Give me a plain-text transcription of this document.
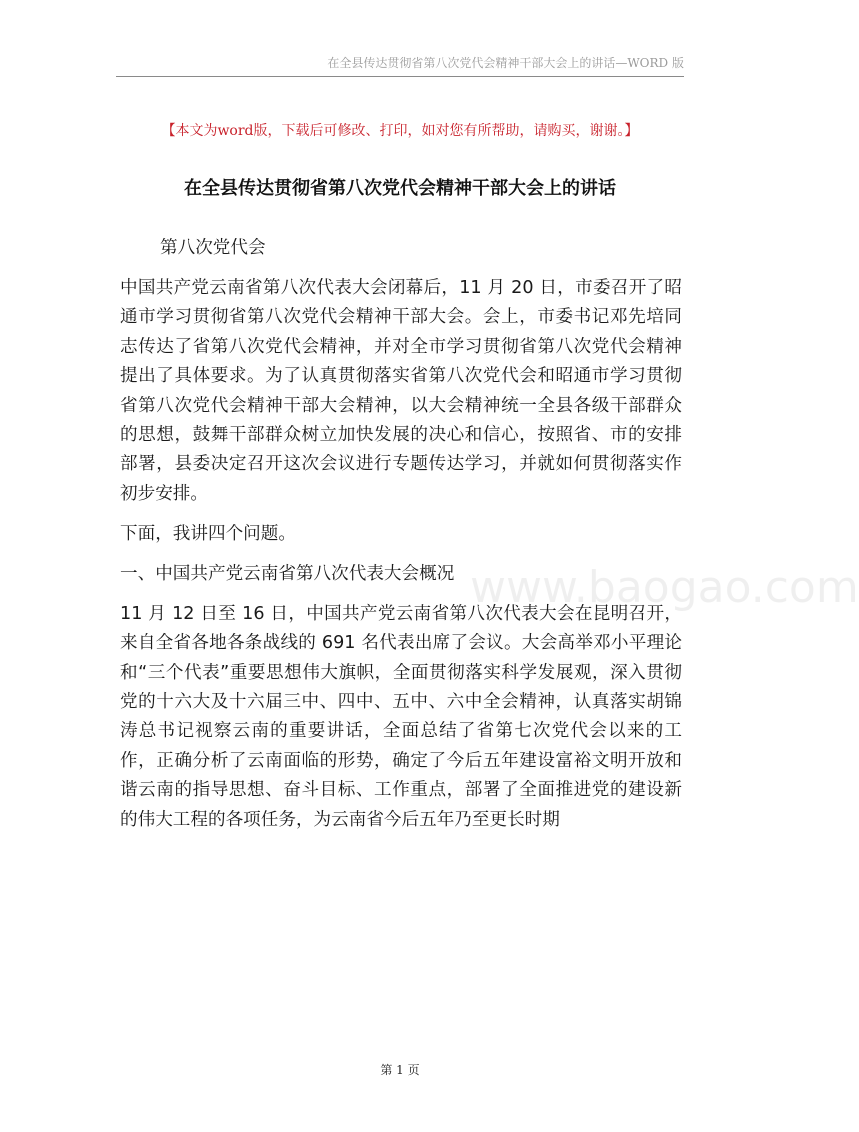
在全县传达贯彻省第八次党代会精神干部大会上的讲话—WORD 版
【本文为word版，下载后可修改、打印，如对您有所帮助，请购买，谢谢。】
在全县传达贯彻省第八次党代会精神干部大会上的讲话
www.baogao.com

第八次党代会

中国共产党云南省第八次代表大会闭幕后，11 月 20 日，市委召开了昭通市学习贯彻省第八次党代会精神干部大会。会上，市委书记邓先培同志传达了省第八次党代会精神，并对全市学习贯彻省第八次党代会精神提出了具体要求。为了认真贯彻落实省第八次党代会和昭通市学习贯彻省第八次党代会精神干部大会精神，以大会精神统一全县各级干部群众的思想，鼓舞干部群众树立加快发展的决心和信心，按照省、市的安排部署，县委决定召开这次会议进行专题传达学习，并就如何贯彻落实作初步安排。

下面，我讲四个问题。

一、中国共产党云南省第八次代表大会概况

11 月 12 日至 16 日，中国共产党云南省第八次代表大会在昆明召开，来自全省各地各条战线的 691 名代表出席了会议。大会高举邓小平理论和“三个代表”重要思想伟大旗帜，全面贯彻落实科学发展观，深入贯彻党的十六大及十六届三中、四中、五中、六中全会精神，认真落实胡锦涛总书记视察云南的重要讲话，全面总结了省第七次党代会以来的工作，正确分析了云南面临的形势，确定了今后五年建设富裕文明开放和谐云南的指导思想、奋斗目标、工作重点，部署了全面推进党的建设新的伟大工程的各项任务，为云南省今后五年乃至更长时期

第 1 页
